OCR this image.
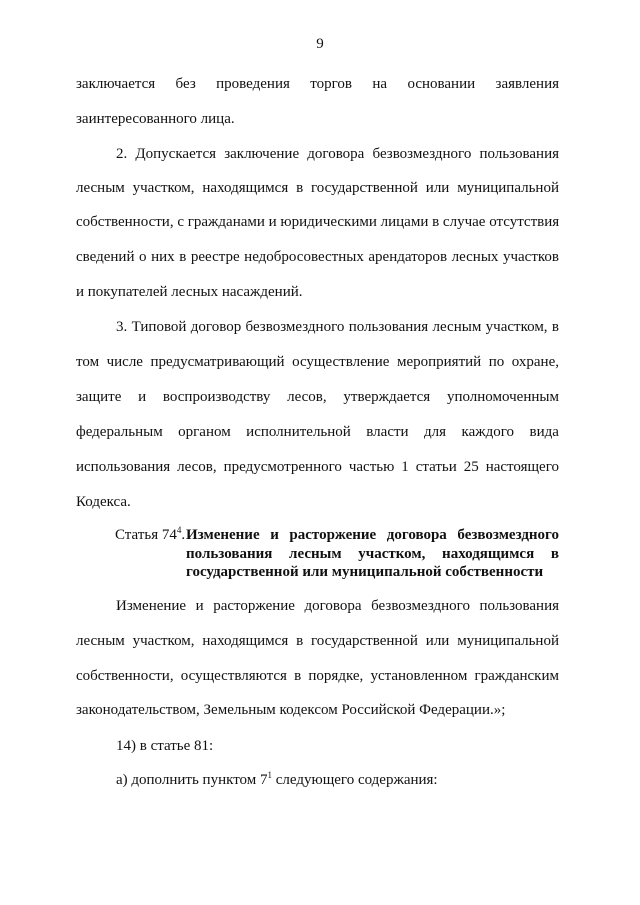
9
заключается без проведения торгов на основании заявления
заинтересованного лица.
2. Допускается заключение договора безвозмездного пользования
лесным участком, находящимся в государственной или муниципальной
собственности, с гражданами и юридическими лицами в случае отсутствия
сведений о них в реестре недобросовестных арендаторов лесных участков
и покупателей лесных насаждений.
3. Типовой договор безвозмездного пользования лесным участком, в
том числе предусматривающий осуществление мероприятий по охране,
защите и воспроизводству лесов, утверждается уполномоченным
федеральным органом исполнительной власти для каждого вида
использования лесов, предусмотренного частью 1 статьи 25 настоящего
Кодекса.
Статья $74^4$. Изменение и расторжение договора безвозмездного
пользования лесным участком, находящимся в
государственной или муниципальной собственности
Изменение и расторжение договора безвозмездного пользования
лесным участком, находящимся в государственной или муниципальной
собственности, осуществляются в порядке, установленном гражданским
законодательством, Земельным кодексом Российской Федерации.»;
14) в статье 81:
а) дополнить пунктом $7^1$ следующего содержания:
